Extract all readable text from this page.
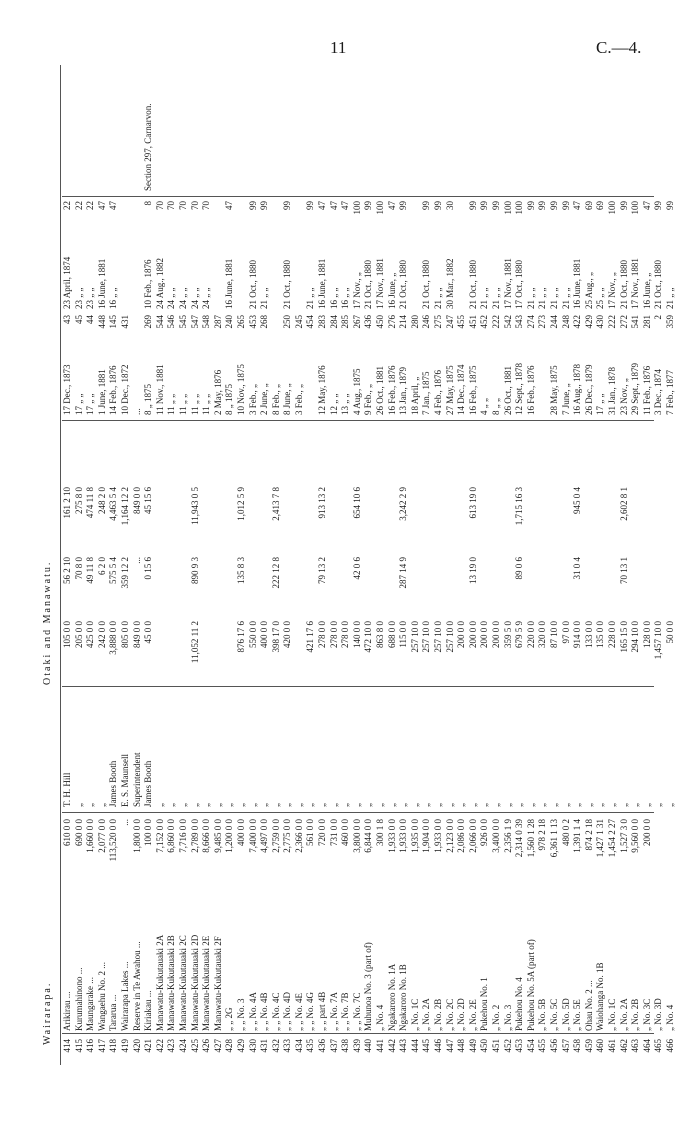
11	C.—4.
Wairarapa.
Otaki and Manawatu.
414
Arikirau ...
610 0 0
T. H. Hill
105 0 0
56 2 10
161 2 10
17 Dec., 1873
43
23 April, 1874
22
415
Kurumahinono ...
690 0 0
„
205 0 0
70 8 0
275 8 0
17 „ „
45
23 „ „
22
416
Maungarake ...
1,660 0 0
„
425 0 0
49 11 8
474 11 8
17 „ „
44
23 „ „
22
417
Wangaehu No. 2 ...
2,077 0 0
„
242 0 0
6 2 0
248 2 0
1 June, 1881
448
16 June, 1881
47
418
Tararua ...
113,520 0 0
James Booth
3,888 0 0
575 5 4
4,463 5 4
14 Feb., 1876
145
16 „ „
47
419
Wairarapa Lakes ...
...
E. S. Maunsell
805 0 0
359 12 2
1,164 12 2
10 Dec., 1872
431
420
Reserve in Te Awahou ...
1,800 0 0
Superintendent
849 0 0
...
849 0 0
...
421
Kiriakau ...
100 0 0
James Booth
45 0 0
0 15 6
45 15 6
8 „ 1875
269
10 Feb., 1876
8
Section 297, Carnarvon.
422
Manawatu-Kukutauaki 2A
7,152 0 0
„
11 Nov., 1881
544
24 Aug., 1882
70
423
Manawatu-Kukutauaki 2B
6,860 0 0
„
11 „ „
546
24 „ „
70
424
Manawatu-Kukutauaki 2C
7,716 0 0
„
11 „ „
545
24 „ „
70
425
Manawatu-Kukutauaki 2D
2,789 0 0
„
11,052 11 2
890 9 3
11,943 0 5
11 „ „
547
24 „ „
70
426
Manawatu-Kukutauaki 2E
8,666 0 0
„
11 „ „
548
24 „ „
70
427
Manawatu-Kukutauaki 2F
9,485 0 0
„
2 May, 1876
287
428
„ „ 2G
1,200 0 0
„
8 „ 1875
240
16 June, 1881
47
429
„ „ No. 3
400 0 0
„
876 17 6
135 8 3
1,012 5 9
10 Nov., 1875
265
430
„ „ No. 4A
7,400 0 0
„
550 0 0
3 Feb., „
453
21 Oct., 1880
99
431
„ „ No. 4B
4,497 0 0
„
400 0 0
2 June, „
268
21 „ „
99
432
„ „ No. 4C
2,759 0 0
„
398 17 0
222 12 8
2,413 7 8
8 Feb., „
433
„ „ No. 4D
2,775 0 0
„
420 0 0
8 June, „
250
21 Oct., 1880
99
434
„ „ No. 4E
2,366 0 0
„
3 Feb., „
245
435
„ „ No. 4G
561 0 0
„
421 17 6
454
21 „ „
99
436
„ „ part 4B
720 0 0
„
278 0 0
79 13 2
913 13 2
12 May, 1876
283
16 June, 1881
47
437
„ „ No. 7A
731 0 0
„
278 0 0
12 „ „
284
16 „ „
47
438
„ „ No. 7B
460 0 0
„
278 0 0
13 „ „
285
16 „ „
47
439
„ „ No. 7C
3,800 0 0
„
140 0 0
42 0 6
654 10 6
4 Aug., 1875
267
17 Nov., „
100
440
Muhunoa No. 3 (part of)
6,844 0 0
„
472 10 0
9 Feb., „
436
21 Oct., 1880
99
441
„ No. 4
300 1 8
„
863 8 0
26 Oct., 1881
450
17 Nov., 1881
100
442
Ngakaroro No. 1A
1,933 0 0
„
688 0 0
16 Feb., 1876
276
16 June, „
47
443
Ngakaroro No. 1B
1,933 0 0
„
115 0 0
287 14 9
3,242 2 9
13 Jan., 1879
214
21 Oct., 1880
99
444
„ No. 1C
1,935 0 0
„
257 10 0
18 April, „
280
445
„ No. 2A
1,904 0 0
„
257 10 0
7 Jan., 1875
246
21 Oct., 1880
99
446
„ No. 2B
1,933 0 0
„
257 10 0
4 Feb., 1876
275
21 „ „
99
447
„ No. 2C
2,123 0 0
„
257 10 0
27 May, 1875
247
30 Mar., 1882
30
448
„ No. 2D
2,086 0 0
„
200 0 0
14 Dec., 1874
455
449
„ No. 2E
2,066 0 0
„
200 0 0
13 19 0
613 19 0
16 Feb., 1875
451
21 Oct., 1880
99
450
Pukehou No. 1
926 0 0
„
200 0 0
4 „ „
452
21 „ „
99
451
„ No. 2
3,400 0 0
„
200 0 0
8 „ „
222
21 „ „
99
452
„ No. 3
2,356 1 9
„
359 5 0
26 Oct., 1881
542
17 Nov., 1881
100
453
Pukehou No. 4
2,314 0 39
„
679 5 9
89 0 6
1,715 16 3
12 Sept., 1878
543
17 Oct., 1880
100
454
Pukehou No. 5A (part of)
1,560 1 28
„
220 0 0
16 Feb., 1876
274
21 „ „
99
455
„ No. 5B
978 2 18
„
320 0 0
273
21 „ „
99
456
„ No. 5C
6,361 1 13
„
87 10 0
28 May, 1875
244
21 „ „
99
457
„ No. 5D
480 0 2
„
97 0 0
7 June, „
248
21 „ „
99
458
„ No. 5E
1,391 1 4
„
914 0 0
31 0 4
945 0 4
16 Aug., 1878
422
16 June, 1881
47
459
Ohau No. 2 ...
874 2 18
„
133 0 0
26 Dec., 1879
429
25 Aug., „
69
460
Waiohanga No. 1B
1,427 1 31
„
135 0 0
17 „ „
430
25 „ „
69
461
„ No. 1C
1,454 2 27
„
228 0 0
31 Jan., 1878
222
17 Nov., „
100
462
„ No. 2A
1,527 3 0
„
165 15 0
70 13 1
2,602 8 1
23 Nov., „
272
21 Oct., 1880
99
463
„ No. 2B
9,560 0 0
„
294 10 0
29 Sept., 1879
541
17 Nov., 1881
100
464
„ No. 3C
200 0 0
„
128 0 0
11 Feb., 1876
281
16 June, „
47
465
„ No. 3D
„
1,457 10 0
3 Dec., 1874
2
21 Oct., 1880
99
466
„ No. 4
„
50 0 0
7 Feb., 1877
359
21 „ „
99
